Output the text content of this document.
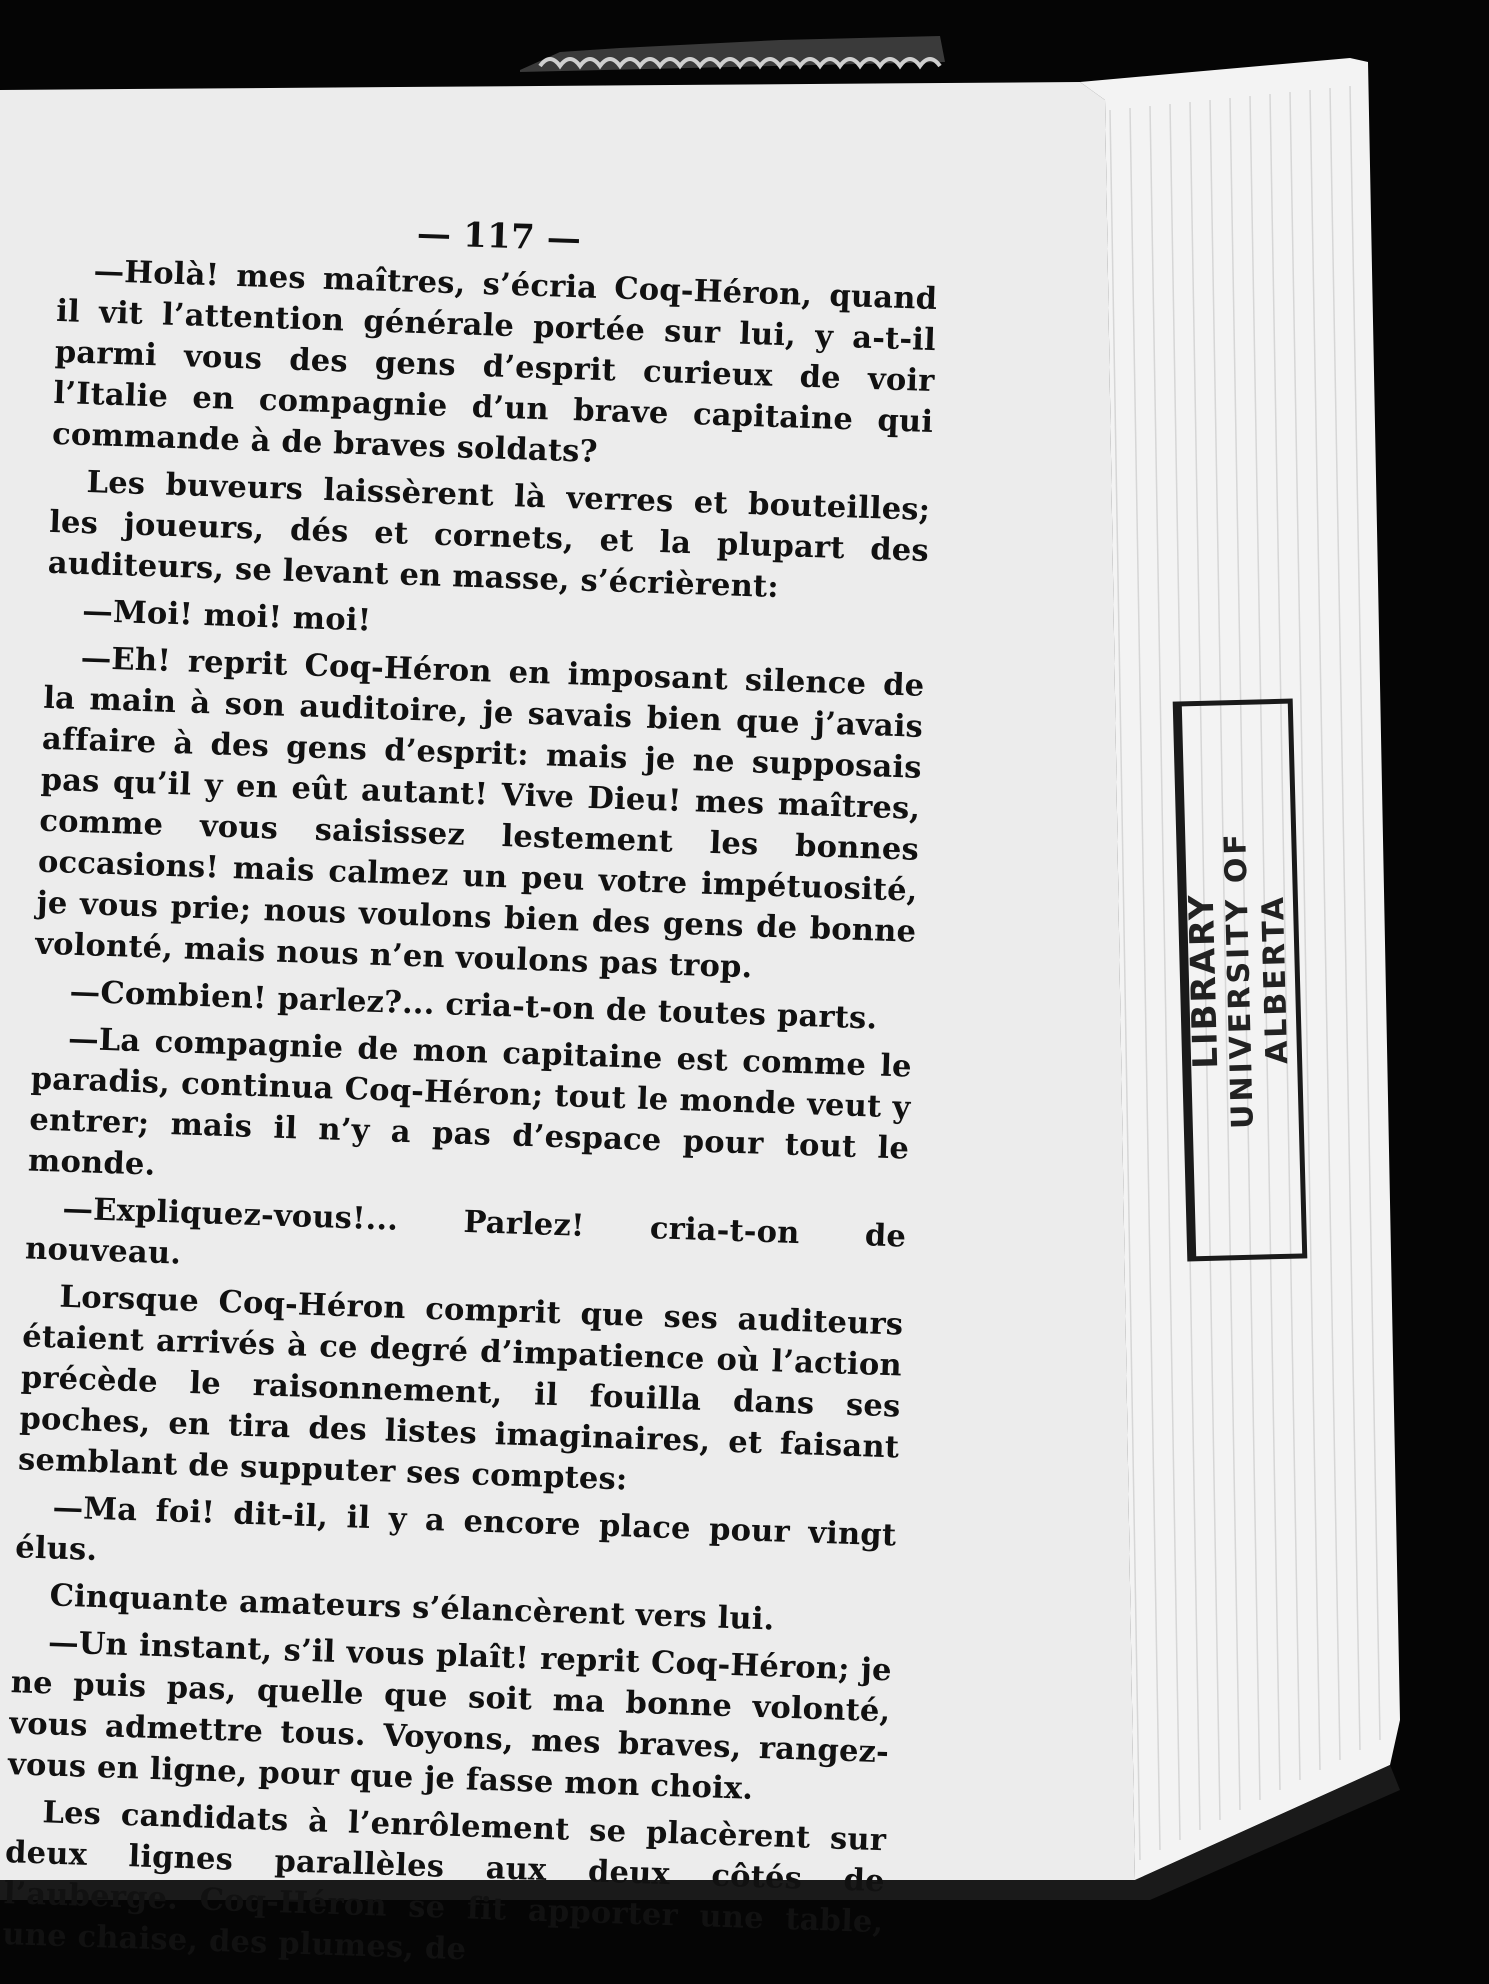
— 117 —

—Holà! mes maîtres, s’écria Coq-Héron, quand il vit l’attention générale portée sur lui, y a-t-il parmi vous des gens d’esprit curieux de voir l’Italie en compagnie d’un brave capitaine qui commande à de braves soldats?

Les buveurs laissèrent là verres et bouteilles; les joueurs, dés et cornets, et la plupart des auditeurs, se levant en masse, s’écrièrent:

—Moi! moi! moi!

—Eh! reprit Coq-Héron en imposant silence de la main à son auditoire, je savais bien que j’avais affaire à des gens d’esprit: mais je ne supposais pas qu’il y en eût autant! Vive Dieu! mes maîtres, comme vous saisissez lestement les bonnes occasions! mais calmez un peu votre impétuosité, je vous prie; nous voulons bien des gens de bonne volonté, mais nous n’en voulons pas trop.

—Combien! parlez?... cria-t-on de toutes parts.

—La compagnie de mon capitaine est comme le paradis, continua Coq-Héron; tout le monde veut y entrer; mais il n’y a pas d’espace pour tout le monde.

—Expliquez-vous!... Parlez! cria-t-on de nouveau.

Lorsque Coq-Héron comprit que ses auditeurs étaient arrivés à ce degré d’impatience où l’action précède le raisonnement, il fouilla dans ses poches, en tira des listes imaginaires, et faisant semblant de supputer ses comptes:

—Ma foi! dit-il, il y a encore place pour vingt élus.

Cinquante amateurs s’élancèrent vers lui.

—Un instant, s’il vous plaît! reprit Coq-Héron; je ne puis pas, quelle que soit ma bonne volonté, vous admettre tous. Voyons, mes braves, rangez-vous en ligne, pour que je fasse mon choix.

Les candidats à l’enrôlement se placèrent sur deux lignes parallèles aux deux côtés de l’auberge. Coq-Héron se fit apporter une table, une chaise, des plumes, de

LIBRARY
UNIVERSITY OF ALBERTA
